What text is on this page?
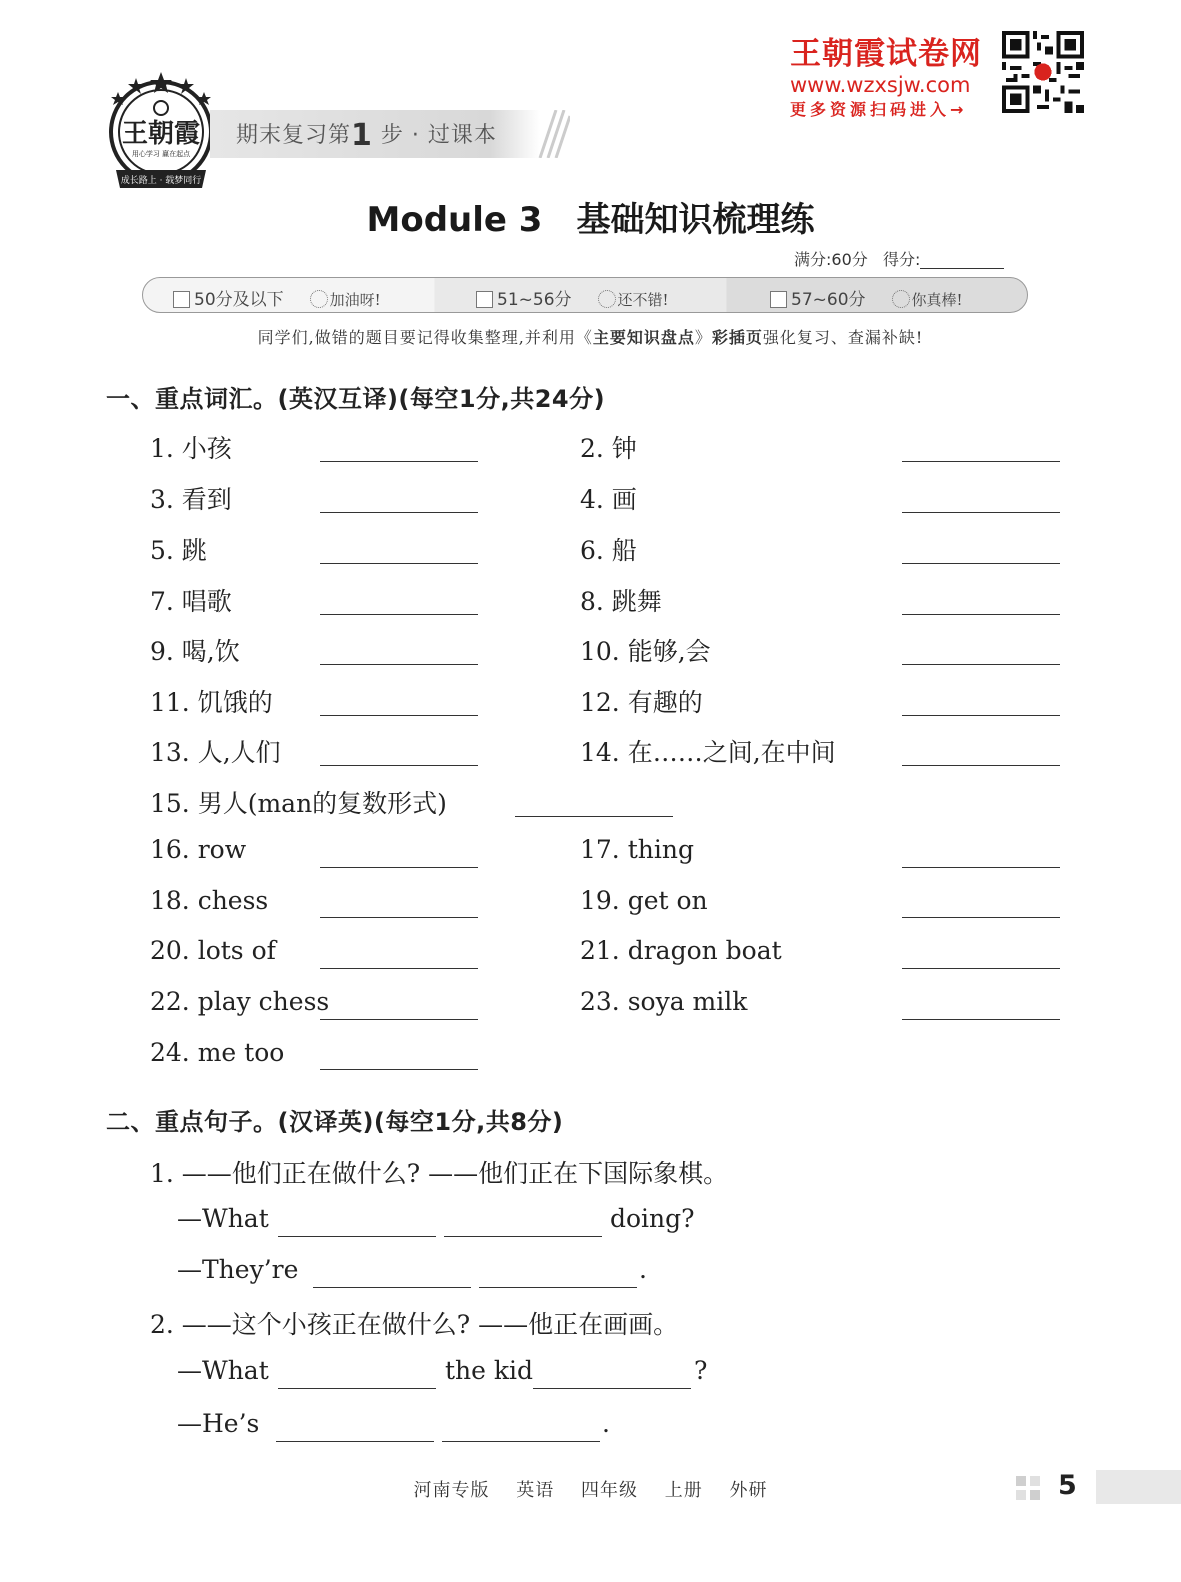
王朝霞
用心学习 赢在起点
成长路上 · 载梦同行
期末复习第1 步 · 过课本
王朝霞试卷网
www.wzxsjw.com
更多资源扫码进入→
Module 3 基础知识梳理练
满分:60分 得分:
50分及以下	加油呀!	51~56分	还不错!	57~60分	你真棒!
同学们,做错的题目要记得收集整理,并利用《主要知识盘点》彩插页强化复习、查漏补缺!
一、重点词汇。(英汉互译)(每空1分,共24分)
1. 小孩	2. 钟
3. 看到	4. 画
5. 跳	6. 船
7. 唱歌	8. 跳舞
9. 喝,饮	10. 能够,会
11. 饥饿的	12. 有趣的
13. 人,人们	14. 在……之间,在中间
15. 男人(man的复数形式)
16. row	17. thing
18. chess	19. get on
20. lots of	21. dragon boat
22. play chess	23. soya milk
24. me too
二、重点句子。(汉译英)(每空1分,共8分)
1. ——他们正在做什么? ——他们正在下国际象棋。
—What	doing?
—They’re	.
2. ——这个小孩正在做什么? ——他正在画画。
—What	the kid	?
—He’s	.
河南专版 英语 四年级 上册 外研	5
